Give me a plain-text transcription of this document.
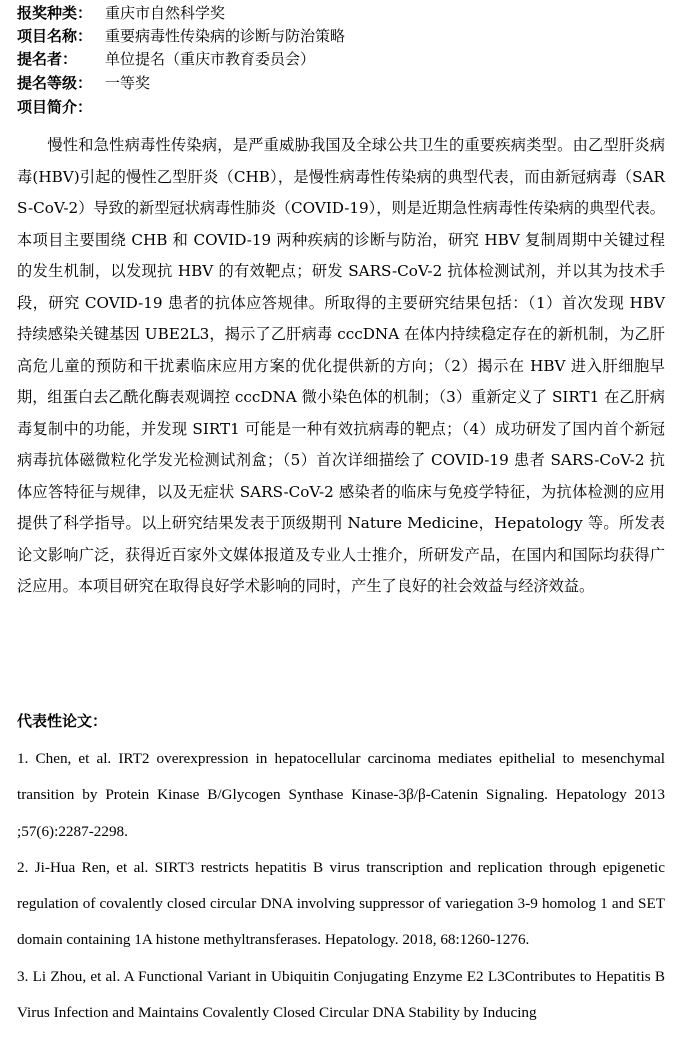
报奖种类： 重庆市自然科学奖
项目名称： 重要病毒性传染病的诊断与防治策略
提名者： 单位提名（重庆市教育委员会）
提名等级： 一等奖
项目简介：

慢性和急性病毒性传染病，是严重威胁我国及全球公共卫生的重要疾病类型。由乙型肝炎病毒(HBV)引起的慢性乙型肝炎（CHB），是慢性病毒性传染病的典型代表，而由新冠病毒（SARS-CoV-2）导致的新型冠状病毒性肺炎（COVID-19），则是近期急性病毒性传染病的典型代表。本项目主要围绕 CHB 和 COVID-19 两种疾病的诊断与防治，研究 HBV 复制周期中关键过程的发生机制，以发现抗 HBV 的有效靶点；研发 SARS-CoV-2 抗体检测试剂，并以其为技术手段，研究 COVID-19 患者的抗体应答规律。所取得的主要研究结果包括：（1）首次发现 HBV 持续感染关键基因 UBE2L3，揭示了乙肝病毒 cccDNA 在体内持续稳定存在的新机制，为乙肝高危儿童的预防和干扰素临床应用方案的优化提供新的方向；（2）揭示在 HBV 进入肝细胞早期，组蛋白去乙酰化酶表观调控 cccDNA 微小染色体的机制；（3）重新定义了 SIRT1 在乙肝病毒复制中的功能，并发现 SIRT1 可能是一种有效抗病毒的靶点；（4）成功研发了国内首个新冠病毒抗体磁微粒化学发光检测试剂盒；（5）首次详细描绘了 COVID-19 患者 SARS-CoV-2 抗体应答特征与规律，以及无症状 SARS-CoV-2 感染者的临床与免疫学特征，为抗体检测的应用提供了科学指导。以上研究结果发表于顶级期刊 Nature Medicine，Hepatology 等。所发表论文影响广泛，获得近百家外文媒体报道及专业人士推介，所研发产品，在国内和国际均获得广泛应用。本项目研究在取得良好学术影响的同时，产生了良好的社会效益与经济效益。

代表性论文：

1. Chen, et al. IRT2 overexpression in hepatocellular carcinoma mediates epithelial to mesenchymal transition by Protein Kinase B/Glycogen Synthase Kinase-3β/β-Catenin Signaling. Hepatology 2013 ;57(6):2287-2298.

2. Ji-Hua Ren, et al. SIRT3 restricts hepatitis B virus transcription and replication through epigenetic regulation of covalently closed circular DNA involving suppressor of variegation 3-9 homolog 1 and SET domain containing 1A histone methyltransferases. Hepatology. 2018, 68:1260-1276.

3. Li Zhou, et al. A Functional Variant in Ubiquitin Conjugating Enzyme E2 L3Contributes to Hepatitis B Virus Infection and Maintains Covalently Closed Circular DNA Stability by Inducing
